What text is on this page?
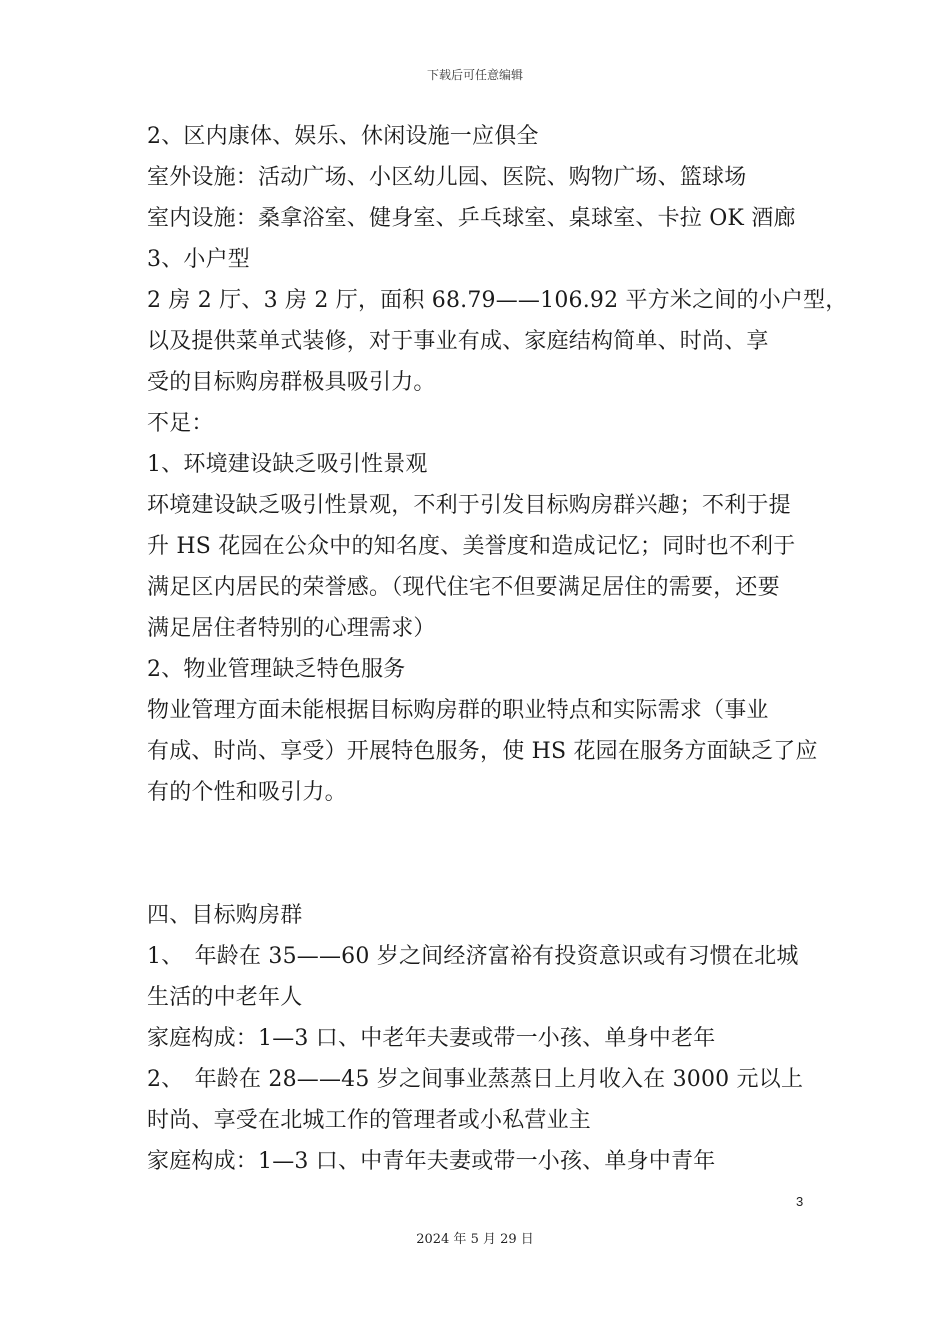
下载后可任意编辑
2、区内康体、娱乐、休闲设施一应俱全
室外设施：活动广场、小区幼儿园、医院、购物广场、篮球场
室内设施：桑拿浴室、健身室、乒乓球室、桌球室、卡拉 OK 酒廊
3、小户型
2 房 2 厅、3 房 2 厅，面积 68.79——106.92 平方米之间的小户型，
以及提供菜单式装修，对于事业有成、家庭结构简单、时尚、享
受的目标购房群极具吸引力。
不足：
1、环境建设缺乏吸引性景观
环境建设缺乏吸引性景观，不利于引发目标购房群兴趣；不利于提
升 HS 花园在公众中的知名度、美誉度和造成记忆；同时也不利于
满足区内居民的荣誉感。（现代住宅不但要满足居住的需要，还要
满足居住者特别的心理需求）
2、物业管理缺乏特色服务
物业管理方面未能根据目标购房群的职业特点和实际需求（事业
有成、时尚、享受）开展特色服务，使 HS 花园在服务方面缺乏了应
有的个性和吸引力。
四、目标购房群
1、　年龄在 35——60 岁之间经济富裕有投资意识或有习惯在北城
生活的中老年人
家庭构成：1—3 口、中老年夫妻或带一小孩、单身中老年
2、　年龄在 28——45 岁之间事业蒸蒸日上月收入在 3000 元以上
时尚、享受在北城工作的管理者或小私营业主
家庭构成：1—3 口、中青年夫妻或带一小孩、单身中青年
3
2024 年 5 月 29 日
